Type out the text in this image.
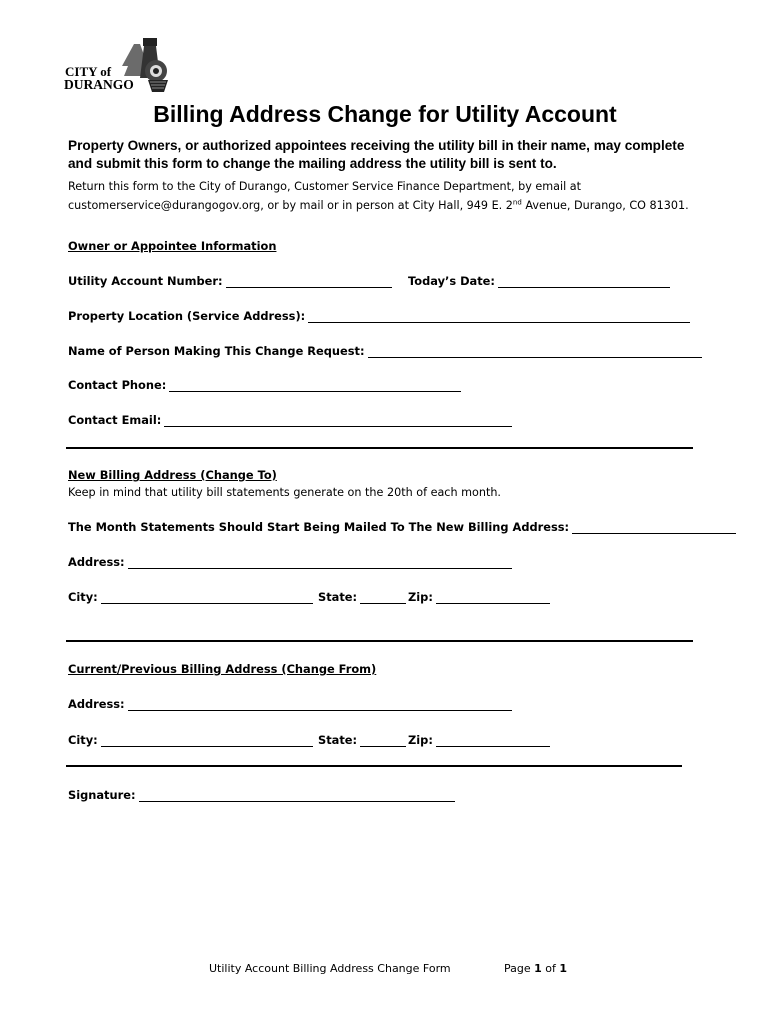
CITY of
DURANGO
Billing Address Change for Utility Account
Property Owners, or authorized appointees receiving the utility bill in their name, may complete and submit this form to change the mailing address the utility bill is sent to.
Return this form to the City of Durango, Customer Service Finance Department, by email at customerservice@durangogov.org, or by mail or in person at City Hall, 949 E. 2nd Avenue, Durango, CO 81301.
Owner or Appointee Information
Utility Account Number:	Today’s Date:
Property Location (Service Address):
Name of Person Making This Change Request:
Contact Phone:
Contact Email:
New Billing Address (Change To)
Keep in mind that utility bill statements generate on the 20th of each month.
The Month Statements Should Start Being Mailed To The New Billing Address:
Address:
City:	State:	Zip:
Current/Previous Billing Address (Change From)
Address:
City:	State:	Zip:
Signature:
Utility Account Billing Address Change Form	Page 1 of 1
